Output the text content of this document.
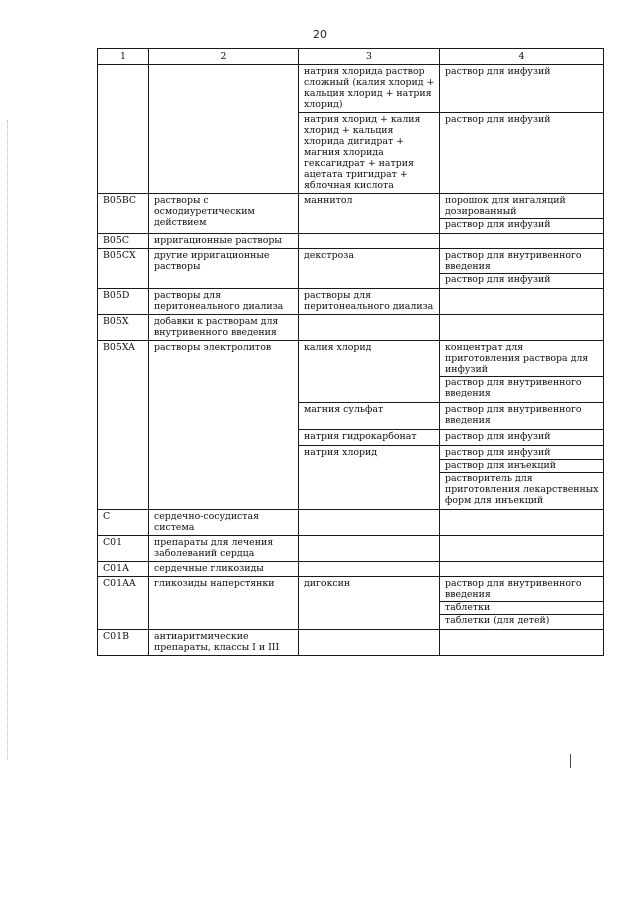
20
1	2	3	4
		натрия хлорида раствор сложный (калия хлорид + кальция хлорид + натрия хлорид)	раствор для инфузий

		натрия хлорид + калия хлорид + кальция хлорида дигидрат + магния хлорида гексагидрат + натрия ацетата тригидрат + яблочная кислота	раствор для инфузий

B05BC	растворы с осмодиуретическим действием	маннитол	порошок для ингаляций дозированный
раствор для инфузий

B05C	ирригационные растворы		
B05CX	другие ирригационные растворы	декстроза	раствор для внутривенного введения
раствор для инфузий

B05D	растворы для перитонеального диализа	растворы для перитонеального диализа	
B05X	добавки к растворам для внутривенного введения		
B05XA	растворы электролитов	калия хлорид	концентрат для приготовления раствора для инфузий
раствор для внутривенного введения

		магния сульфат	раствор для внутривенного введения

		натрия гидрокарбонат	раствор для инфузий

		натрия хлорид	раствор для инфузий
раствор для инъекций
растворитель для приготовления лекарственных форм для инъекций

C	сердечно-сосудистая система		
C01	препараты для лечения заболеваний сердца		
C01A	сердечные гликозиды		
C01AA	гликозиды наперстянки	дигоксин	раствор для внутривенного введения
таблетки
таблетки (для детей)

C01B	антиаритмические препараты, классы I и III		
